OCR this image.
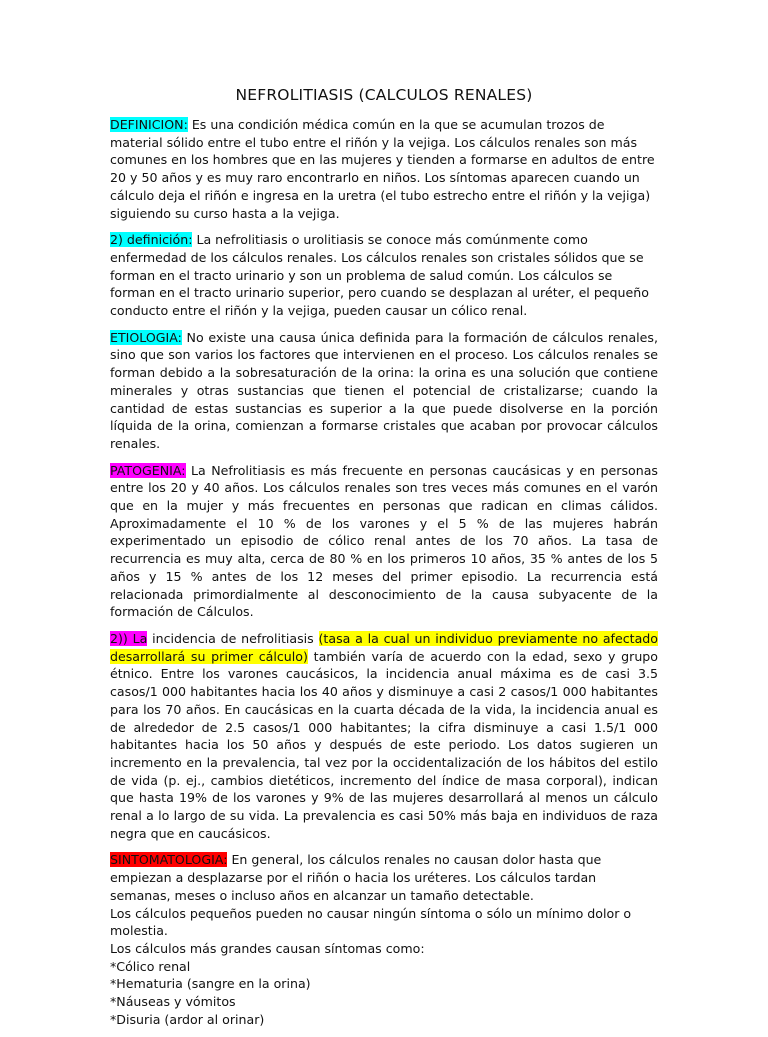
NEFROLITIASIS (CALCULOS RENALES)

DEFINICION: Es una condición médica común en la que se acumulan trozos de material sólido entre el tubo entre el riñón y la vejiga. Los cálculos renales son más comunes en los hombres que en las mujeres y tienden a formarse en adultos de entre 20 y 50 años y es muy raro encontrarlo en niños. Los síntomas aparecen cuando un cálculo deja el riñón e ingresa en la uretra (el tubo estrecho entre el riñón y la vejiga) siguiendo su curso hasta a la vejiga.

2) definición: La nefrolitiasis o urolitiasis se conoce más comúnmente como enfermedad de los cálculos renales. Los cálculos renales son cristales sólidos que se forman en el tracto urinario y son un problema de salud común. Los cálculos se forman en el tracto urinario superior, pero cuando se desplazan al uréter, el pequeño conducto entre el riñón y la vejiga, pueden causar un cólico renal.

ETIOLOGIA: No existe una causa única definida para la formación de cálculos renales, sino que son varios los factores que intervienen en el proceso. Los cálculos renales se forman debido a la sobresaturación de la orina: la orina es una solución que contiene minerales y otras sustancias que tienen el potencial de cristalizarse; cuando la cantidad de estas sustancias es superior a la que puede disolverse en la porción líquida de la orina, comienzan a formarse cristales que acaban por provocar cálculos renales.

PATOGENIA: La Nefrolitiasis es más frecuente en personas caucásicas y en personas entre los 20 y 40 años. Los cálculos renales son tres veces más comunes en el varón que en la mujer y más frecuentes en personas que radican en climas cálidos. Aproximadamente el 10 % de los varones y el 5 % de las mujeres habrán experimentado un episodio de cólico renal antes de los 70 años. La tasa de recurrencia es muy alta, cerca de 80 % en los primeros 10 años, 35 % antes de los 5 años y 15 % antes de los 12 meses del primer episodio. La recurrencia está relacionada primordialmente al desconocimiento de la causa subyacente de la formación de Cálculos.

2)) La incidencia de nefrolitiasis (tasa a la cual un individuo previamente no afectado desarrollará su primer cálculo) también varía de acuerdo con la edad, sexo y grupo étnico. Entre los varones caucásicos, la incidencia anual máxima es de casi 3.5 casos/1 000 habitantes hacia los 40 años y disminuye a casi 2 casos/1 000 habitantes para los 70 años. En caucásicas en la cuarta década de la vida, la incidencia anual es de alrededor de 2.5 casos/1 000 habitantes; la cifra disminuye a casi 1.5/1 000 habitantes hacia los 50 años y después de este periodo. Los datos sugieren un incremento en la prevalencia, tal vez por la occidentalización de los hábitos del estilo de vida (p. ej., cambios dietéticos, incremento del índice de masa corporal), indican que hasta 19% de los varones y 9% de las mujeres desarrollará al menos un cálculo renal a lo largo de su vida. La prevalencia es casi 50% más baja en individuos de raza negra que en caucásicos.

SINTOMATOLOGIA: En general, los cálculos renales no causan dolor hasta que empiezan a desplazarse por el riñón o hacia los uréteres. Los cálculos tardan semanas, meses o incluso años en alcanzar un tamaño detectable.
Los cálculos pequeños pueden no causar ningún síntoma o sólo un mínimo dolor o molestia.
Los cálculos más grandes causan síntomas como:
*Cólico renal
*Hematuria (sangre en la orina)
*Náuseas y vómitos
*Disuria (ardor al orinar)
